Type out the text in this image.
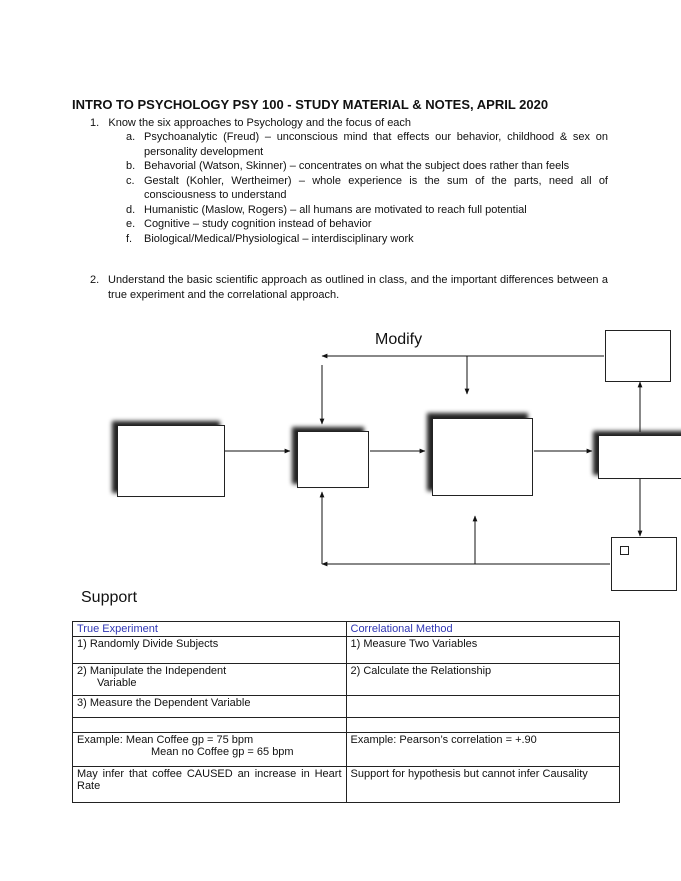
INTRO TO PSYCHOLOGY PSY 100 - STUDY MATERIAL & NOTES, APRIL 2020
1. Know the six approaches to Psychology and the focus of each
a. Psychoanalytic (Freud) – unconscious mind that effects our behavior, childhood & sex on personality development
b. Behavorial (Watson, Skinner) – concentrates on what the subject does rather than feels
c. Gestalt (Kohler, Wertheimer) – whole experience is the sum of the parts, need all of consciousness to understand
d. Humanistic (Maslow, Rogers) – all humans are motivated to reach full potential
e. Cognitive – study cognition instead of behavior
f.	Biological/Medical/Physiological – interdisciplinary work
2. Understand the basic scientific approach as outlined in class, and the important differences between a true experiment and the correlational approach.
Modify
Support
True Experiment	Correlational Method
1) Randomly Divide Subjects	1) Measure Two Variables
2) Manipulate the Independent
Variable	2) Calculate the Relationship
3) Measure the Dependent Variable	

Example: Mean Coffee gp = 75 bpm
Mean no Coffee gp = 65 bpm	Example: Pearson’s correlation = +.90
May infer that coffee CAUSED an increase in Heart Rate	Support for hypothesis but cannot infer Causality
